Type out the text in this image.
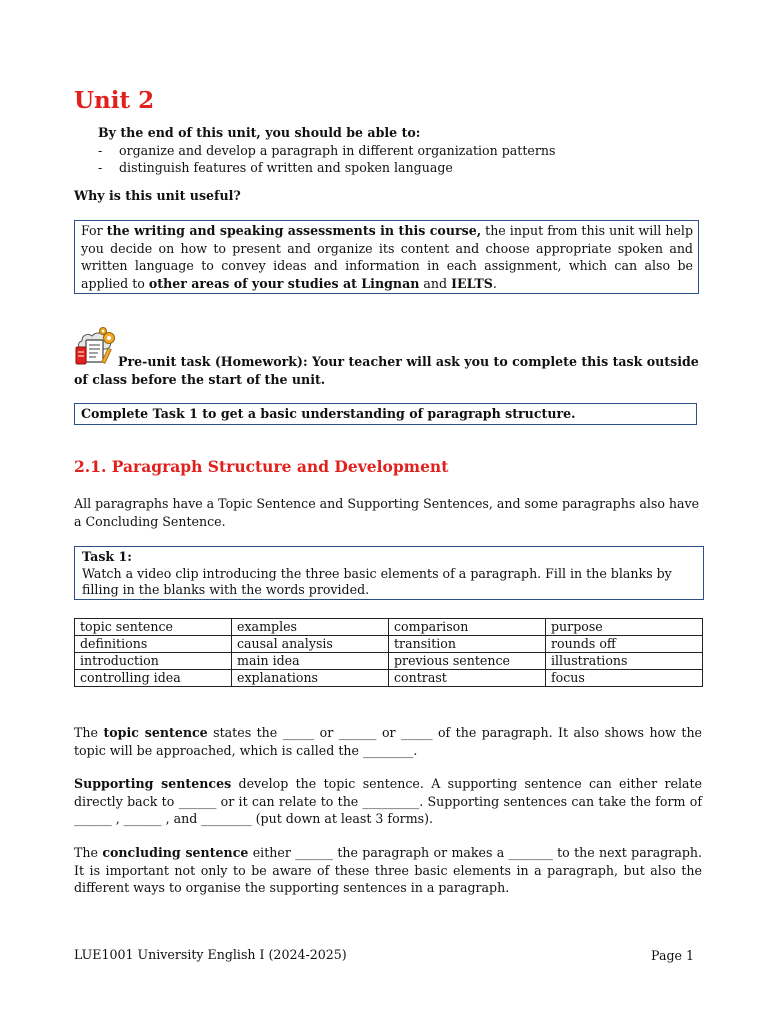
Unit 2
By the end of this unit, you should be able to:
- organize and develop a paragraph in different organization patterns
- distinguish features of written and spoken language
Why is this unit useful?
For the writing and speaking assessments in this course, the input from this unit will help you decide on how to present and organize its content and choose appropriate spoken and written language to convey ideas and information in each assignment, which can also be applied to other areas of your studies at Lingnan and IELTS.
Pre-unit task (Homework): Your teacher will ask you to complete this task outside of class before the start of the unit.
Complete Task 1 to get a basic understanding of paragraph structure.
2.1. Paragraph Structure and Development
All paragraphs have a Topic Sentence and Supporting Sentences, and some paragraphs also have a Concluding Sentence.
Task 1:
Watch a video clip introducing the three basic elements of a paragraph. Fill in the blanks by filling in the blanks with the words provided.
topic sentence	examples	comparison	purpose
definitions	causal analysis	transition	rounds off
introduction	main idea	previous sentence	illustrations
controlling idea	explanations	contrast	focus
The topic sentence states the _____ or ______ or _____ of the paragraph. It also shows how the topic will be approached, which is called the ________.
Supporting sentences develop the topic sentence. A supporting sentence can either relate directly back to ______ or it can relate to the _________. Supporting sentences can take the form of ______ , ______ , and ________ (put down at least 3 forms).
The concluding sentence either ______ the paragraph or makes a _______ to the next paragraph. It is important not only to be aware of these three basic elements in a paragraph, but also the different ways to organise the supporting sentences in a paragraph.
LUE1001 University English I (2024-2025)	Page 1
